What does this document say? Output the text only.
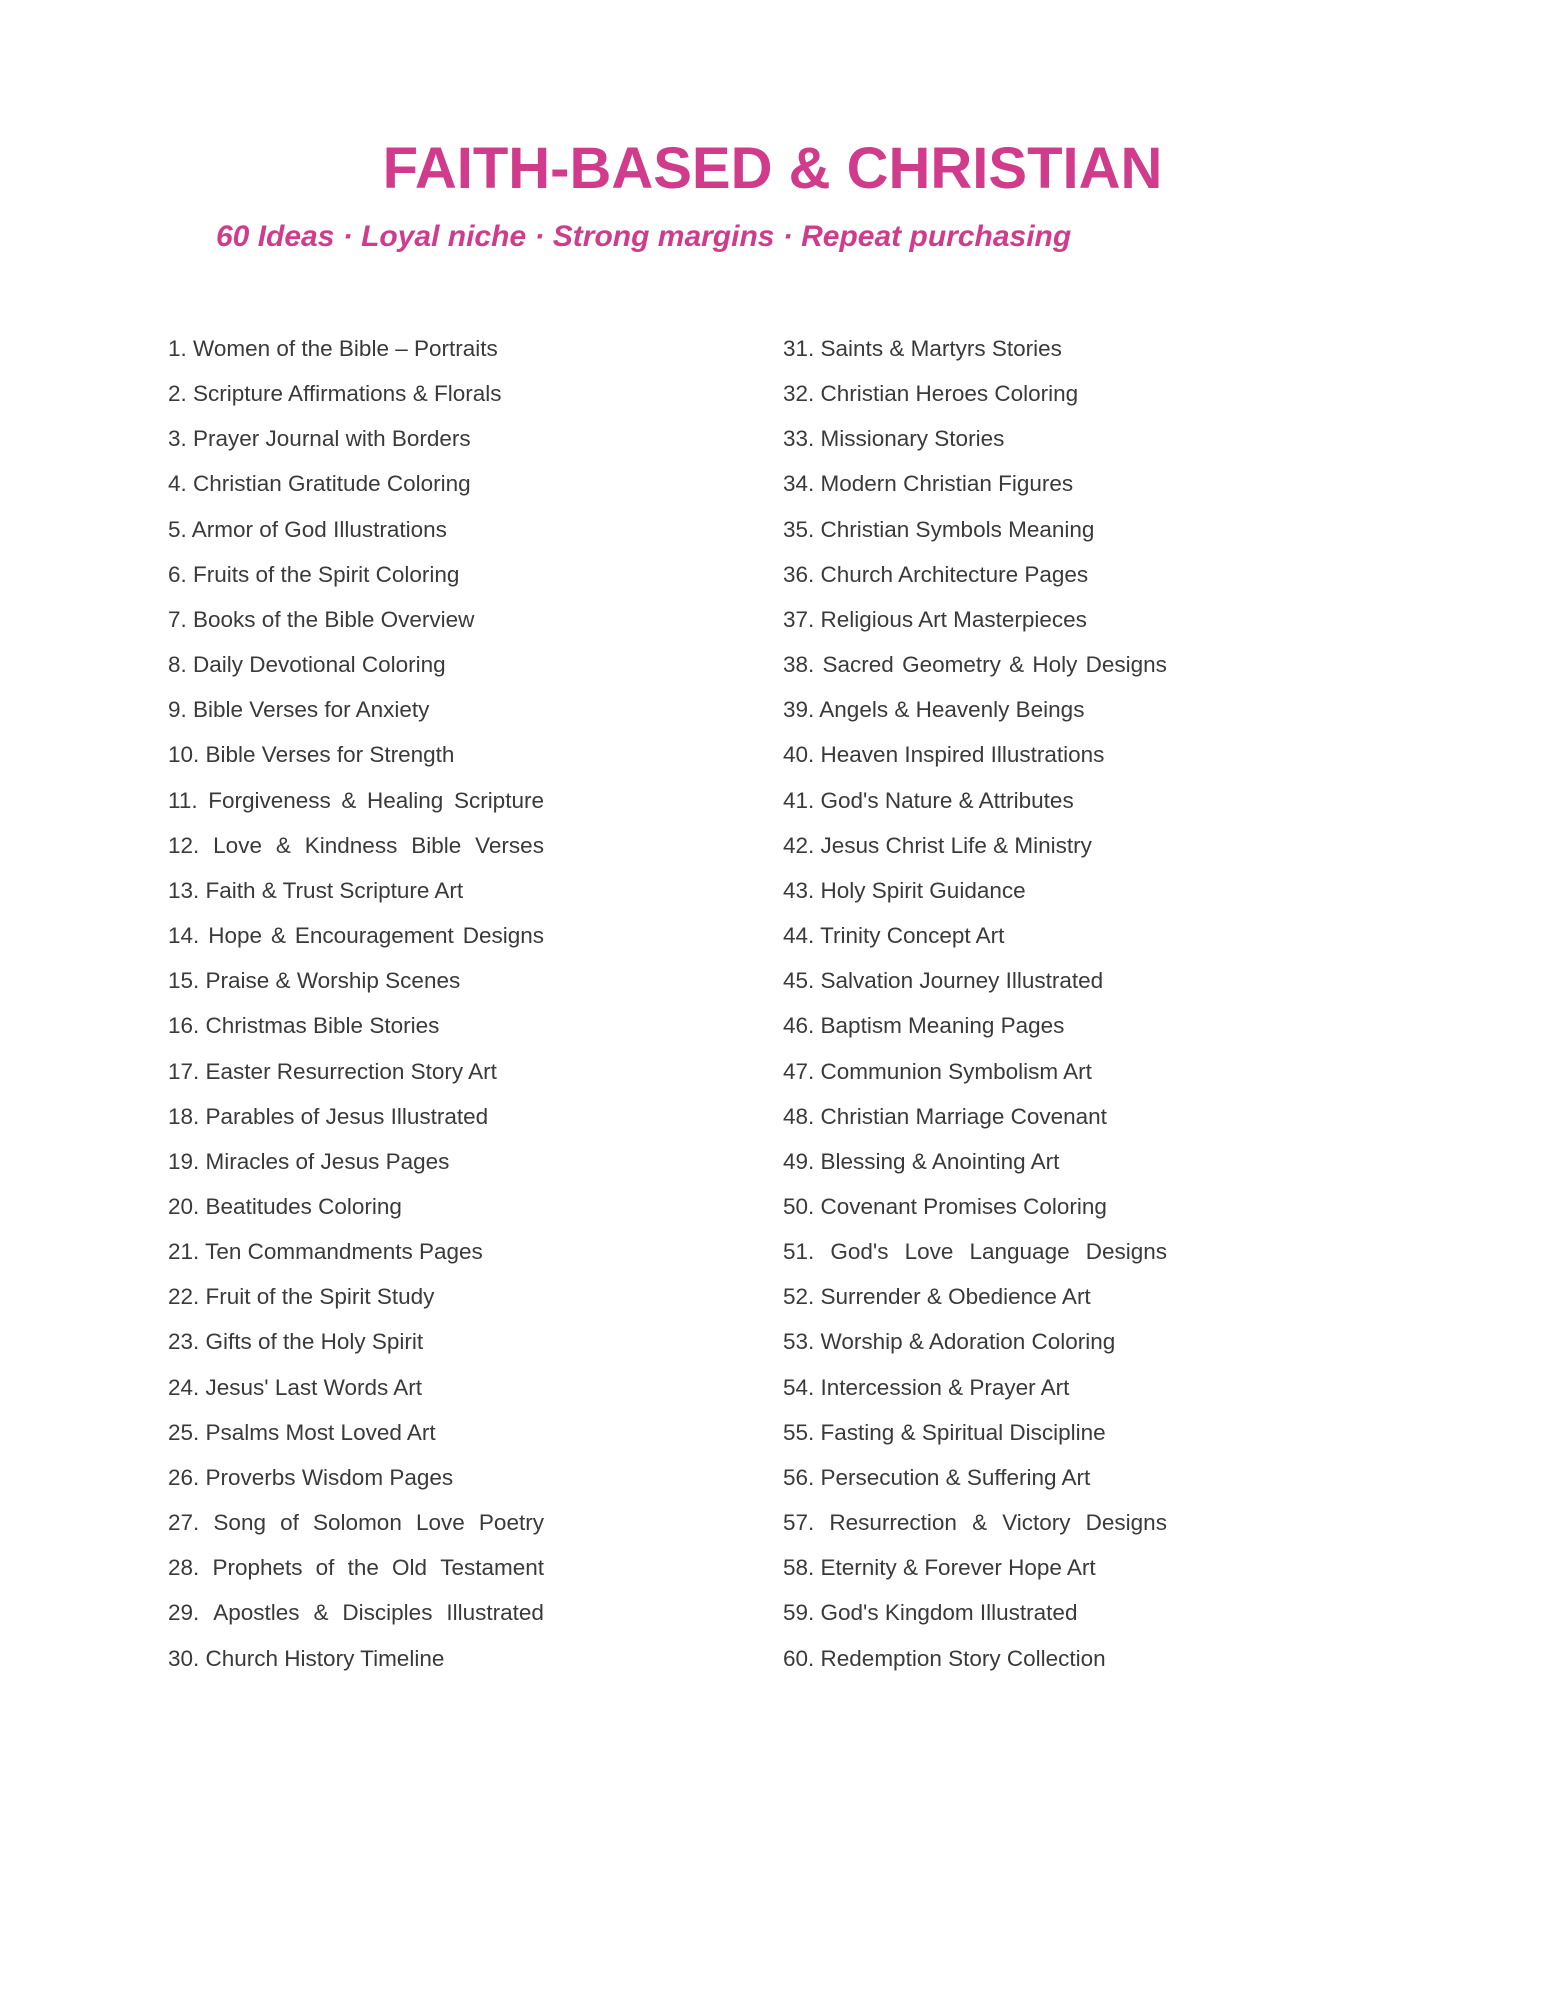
FAITH-BASED & CHRISTIAN

60 Ideas · Loyal niche · Strong margins · Repeat purchasing

1. Women of the Bible – Portraits
2. Scripture Affirmations & Florals
3. Prayer Journal with Borders
4. Christian Gratitude Coloring
5. Armor of God Illustrations
6. Fruits of the Spirit Coloring
7. Books of the Bible Overview
8. Daily Devotional Coloring
9. Bible Verses for Anxiety
10. Bible Verses for Strength
11. Forgiveness & Healing Scripture
12. Love & Kindness Bible Verses
13. Faith & Trust Scripture Art
14. Hope & Encouragement Designs
15. Praise & Worship Scenes
16. Christmas Bible Stories
17. Easter Resurrection Story Art
18. Parables of Jesus Illustrated
19. Miracles of Jesus Pages
20. Beatitudes Coloring
21. Ten Commandments Pages
22. Fruit of the Spirit Study
23. Gifts of the Holy Spirit
24. Jesus' Last Words Art
25. Psalms Most Loved Art
26. Proverbs Wisdom Pages
27. Song of Solomon Love Poetry
28. Prophets of the Old Testament
29. Apostles & Disciples Illustrated
30. Church History Timeline
31. Saints & Martyrs Stories
32. Christian Heroes Coloring
33. Missionary Stories
34. Modern Christian Figures
35. Christian Symbols Meaning
36. Church Architecture Pages
37. Religious Art Masterpieces
38. Sacred Geometry & Holy Designs
39. Angels & Heavenly Beings
40. Heaven Inspired Illustrations
41. God's Nature & Attributes
42. Jesus Christ Life & Ministry
43. Holy Spirit Guidance
44. Trinity Concept Art
45. Salvation Journey Illustrated
46. Baptism Meaning Pages
47. Communion Symbolism Art
48. Christian Marriage Covenant
49. Blessing & Anointing Art
50. Covenant Promises Coloring
51. God's Love Language Designs
52. Surrender & Obedience Art
53. Worship & Adoration Coloring
54. Intercession & Prayer Art
55. Fasting & Spiritual Discipline
56. Persecution & Suffering Art
57. Resurrection & Victory Designs
58. Eternity & Forever Hope Art
59. God's Kingdom Illustrated
60. Redemption Story Collection
